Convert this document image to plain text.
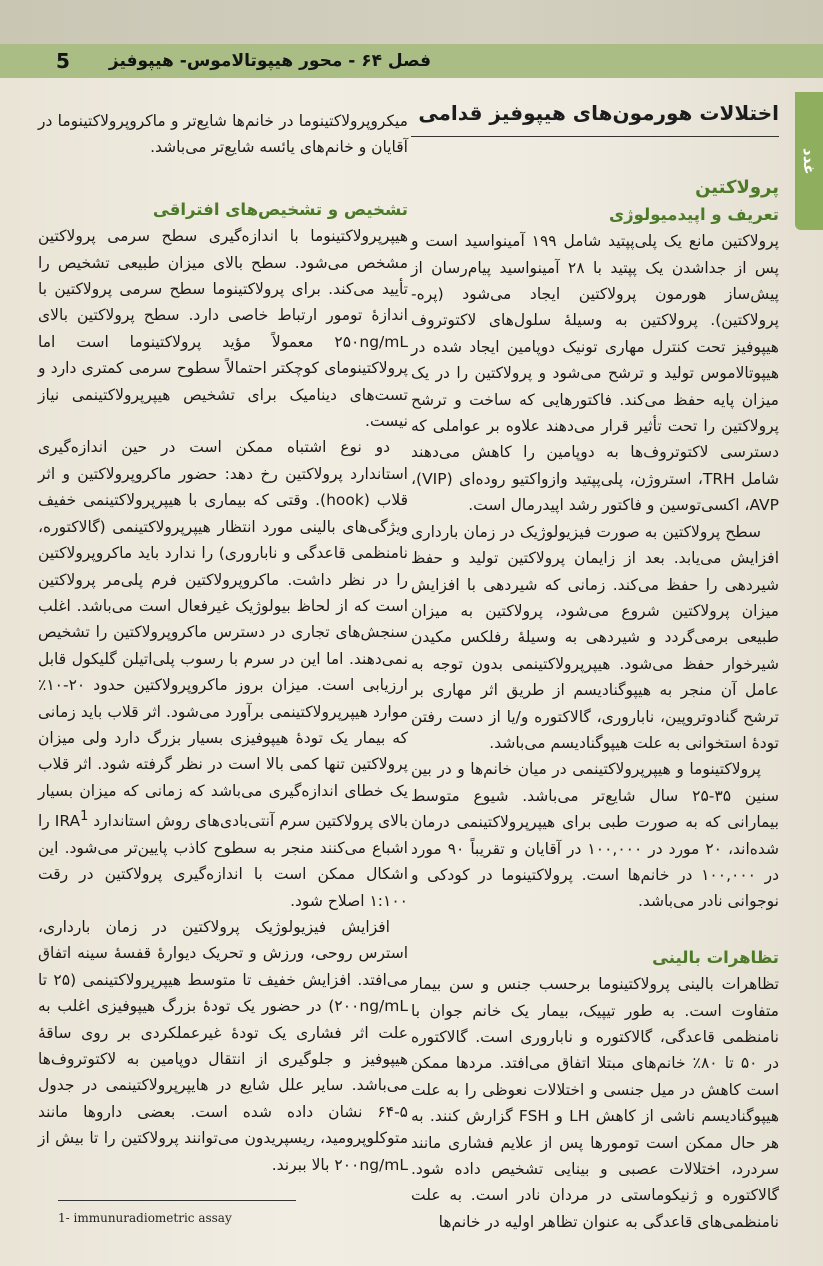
فصل ۶۴ - محور هیپوتالاموس- هیپوفیز
5
غدد
اختلالات هورمون‌های هیپوفیز قدامی
پرولاکتین
تعریف و اپیدمیولوژی

پرولاکتین مانع یک پلی‌پپتید شامل ۱۹۹ آمینواسید است و پس از جداشدن یک پپتید با ۲۸ آمینواسید پیام‌رسان از پیش‌ساز هورمون پرولاکتین ایجاد می‌شود (پره- پرولاکتین). پرولاکتین به وسیلهٔ سلول‌های لاکتوتروف هیپوفیز تحت کنترل مهاری تونیک دوپامین ایجاد شده در هیپوتالاموس تولید و ترشح می‌شود و پرولاکتین را در یک میزان پایه حفظ می‌کند. فاکتورهایی که ساخت و ترشح پرولاکتین را تحت تأثیر قرار می‌دهند علاوه بر عواملی که دسترسی لاکتوتروف‌ها به دوپامین را کاهش می‌دهند شامل TRH، استروژن، پلی‌پپتید وازواکتیو روده‌ای (VIP)، AVP، اکسی‌توسین و فاکتور رشد اپیدرمال است.

سطح پرولاکتین به صورت فیزیولوژیک در زمان بارداری افزایش می‌یابد. بعد از زایمان پرولاکتین تولید و حفظ شیردهی را حفظ می‌کند. زمانی که شیردهی با افزایش میزان پرولاکتین شروع می‌شود، پرولاکتین به میزان طبیعی برمی‌گردد و شیردهی به وسیلهٔ رفلکس مکیدن شیرخوار حفظ می‌شود. هیپرپرولاکتینمی بدون توجه به عامل آن منجر به هیپوگنادیسم از طریق اثر مهاری بر ترشح گنادوتروپین، ناباروری، گالاکتوره و/یا از دست رفتن تودهٔ استخوانی به علت هیپوگنادیسم می‌باشد.

پرولاکتینوما و هیپرپرولاکتینمی در میان خانم‌ها و در بین سنین ۳۵-۲۵ سال شایع‌تر می‌باشد. شیوع متوسط بیمارانی که به صورت طبی برای هیپرپرولاکتینمی درمان شده‌اند، ۲۰ مورد در ۱۰۰,۰۰۰ در آقایان و تقریباً ۹۰ مورد در ۱۰۰,۰۰۰ در خانم‌ها است. پرولاکتینوما در کودکی و نوجوانی نادر می‌باشد.

تظاهرات بالینی

تظاهرات بالینی پرولاکتینوما برحسب جنس و سن بیمار متفاوت است. به طور تیپیک، بیمار یک خانم جوان با نامنظمی قاعدگی، گالاکتوره و ناباروری است. گالاکتوره در ۵۰ تا ۸۰٪ خانم‌های مبتلا اتفاق می‌افتد. مردها ممکن است کاهش در میل جنسی و اختلالات نعوظی را به علت هیپوگنادیسم ناشی از کاهش LH و FSH گزارش کنند. به هر حال ممکن است تومورها پس از علایم فشاری مانند سردرد، اختلالات عصبی و بینایی تشخیص داده شود. گالاکتوره و ژنیکوماستی در مردان نادر است. به علت نامنظمی‌های قاعدگی به عنوان تظاهر اولیه در خانم‌ها

میکروپرولاکتینوما در خانم‌ها شایع‌تر و ماکروپرولاکتینوما در آقایان و خانم‌های یائسه شایع‌تر می‌باشد.

تشخیص و تشخیص‌های افتراقی

هیپرپرولاکتینوما با اندازه‌گیری سطح سرمی پرولاکتین مشخص می‌شود. سطح بالای میزان طبیعی تشخیص را تأیید می‌کند. برای پرولاکتینوما سطح سرمی پرولاکتین با اندازهٔ تومور ارتباط خاصی دارد. سطح پرولاکتین بالای ۲۵۰ng/mL معمولاً مؤید پرولاکتینوما است اما پرولاکتینومای کوچکتر احتمالاً سطوح سرمی کمتری دارد و تست‌های دینامیک برای تشخیص هیپرپرولاکتینمی نیاز نیست.

دو نوع اشتباه ممکن است در حین اندازه‌گیری استاندارد پرولاکتین رخ دهد: حضور ماکروپرولاکتین و اثر قلاب (hook). وقتی که بیماری با هیپرپرولاکتینمی خفیف ویژگی‌های بالینی مورد انتظار هیپرپرولاکتینمی (گالاکتوره، نامنظمی قاعدگی و ناباروری) را ندارد باید ماکروپرولاکتین را در نظر داشت. ماکروپرولاکتین فرم پلی‌مر پرولاکتین است که از لحاظ بیولوژیک غیرفعال است می‌باشد. اغلب سنجش‌های تجاری در دسترس ماکروپرولاکتین را تشخیص نمی‌دهند. اما این در سرم با رسوب پلی‌اتیلن گلیکول قابل ارزیابی است. میزان بروز ماکروپرولاکتین حدود ۲۰-۱۰٪ موارد هیپرپرولاکتینمی برآورد می‌شود. اثر قلاب باید زمانی که بیمار یک تودهٔ هیپوفیزی بسیار بزرگ دارد ولی میزان پرولاکتین تنها کمی بالا است در نظر گرفته شود. اثر قلاب یک خطای اندازه‌گیری می‌باشد که زمانی که میزان بسیار بالای پرولاکتین سرم آنتی‌بادی‌های روش استاندارد IRA$^1$ را اشباع می‌کنند منجر به سطوح کاذب پایین‌تر می‌شود. این اشکال ممکن است با اندازه‌گیری پرولاکتین در رقت ۱:۱۰۰ اصلاح شود.

افزایش فیزیولوژیک پرولاکتین در زمان بارداری، استرس روحی، ورزش و تحریک دیوارهٔ قفسهٔ سینه اتفاق می‌افتد. افزایش خفیف تا متوسط هیپرپرولاکتینمی (۲۵ تا ۲۰۰ng/mL) در حضور یک تودهٔ بزرگ هیپوفیزی اغلب به علت اثر فشاری یک تودهٔ غیرعملکردی بر روی ساقهٔ هیپوفیز و جلوگیری از انتقال دوپامین به لاکتوتروف‌ها می‌باشد. سایر علل شایع در هایپرپرولاکتینمی در جدول ۵-۶۴ نشان داده شده است. بعضی داروها مانند متوکلوپرومید، ریسپریدون می‌توانند پرولاکتین را تا بیش از ۲۰۰ng/mL بالا ببرند.

1- immunuradiometric assay
